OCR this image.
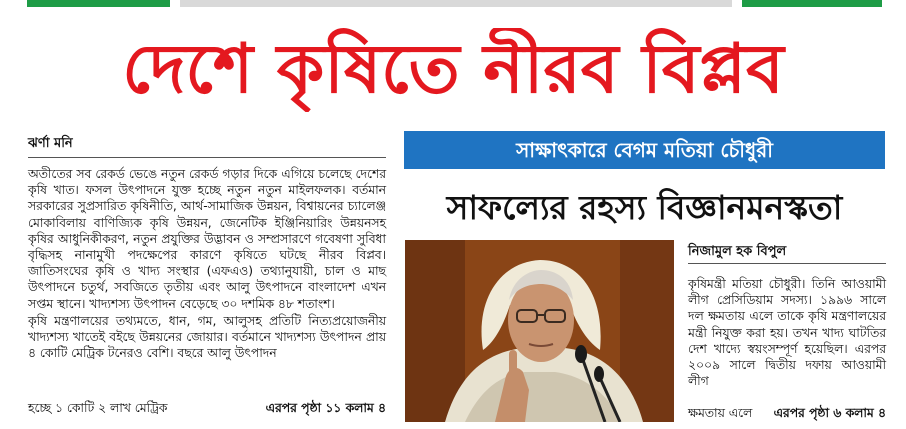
দেশে কৃষিতে নীরব বিপ্লব
ঝর্ণা মনি

অতীতের সব রেকর্ড ভেঙে নতুন রেকর্ড গড়ার দিকে এগিয়ে চলেছে দেশের কৃষি খাত। ফসল উৎপাদনে যুক্ত হচ্ছে নতুন নতুন মাইলফলক। বর্তমান সরকারের সুপ্রসারিত কৃষিনীতি, আর্থ-সামাজিক উন্নয়ন, বিশ্বায়নের চ্যালেঞ্জ মোকাবিলায় বাণিজ্যিক কৃষি উন্নয়ন, জেনেটিক ইঞ্জিনিয়ারিং উন্নয়নসহ কৃষির আধুনিকীকরণ, নতুন প্রযুক্তির উদ্ভাবন ও সম্প্রসারণে গবেষণা সুবিধা বৃদ্ধিসহ নানামুখী পদক্ষেপের কারণে কৃষিতে ঘটছে নীরব বিপ্লব। জাতিসংঘের কৃষি ও খাদ্য সংস্থার (এফএও) তথ্যানুযায়ী, চাল ও মাছ উৎপাদনে চতুর্থ, সবজিতে তৃতীয় এবং আলু উৎপাদনে বাংলাদেশ এখন সপ্তম স্থানে। খাদ্যশস্য উৎপাদন বেড়েছে ৩০ দশমিক ৪৮ শতাংশ।

কৃষি মন্ত্রণালয়ের তথ্যমতে, ধান, গম, আলুসহ প্রতিটি নিত্যপ্রয়োজনীয় খাদ্যশস্য খাতেই বইছে উন্নয়নের জোয়ার। বর্তমানে খাদ্যশস্য উৎপাদন প্রায় ৪ কোটি মেট্রিক টনেরও বেশি। বছরে আলু উৎপাদন

হচ্ছে ১ কোটি ২ লাখ মেট্রিক	এরপর পৃষ্ঠা ১১ কলাম ৪
সাক্ষাৎকারে বেগম মতিয়া চৌধুরী
সাফল্যের রহস্য বিজ্ঞানমনস্কতা
নিজামুল হক বিপুল
কৃষিমন্ত্রী মতিয়া চৌধুরী। তিনি আওয়ামী লীগ প্রেসিডিয়াম সদস্য। ১৯৯৬ সালে দল ক্ষমতায় এলে তাকে কৃষি মন্ত্রণালয়ের মন্ত্রী নিযুক্ত করা হয়। তখন খাদ্য ঘাটতির দেশ খাদ্যে স্বয়ংসম্পূর্ণ হয়েছিল। এরপর ২০০৯ সালে দ্বিতীয় দফায় আওয়ামী লীগ
ক্ষমতায় এলে এরপর পৃষ্ঠা ৬ কলাম ৪
